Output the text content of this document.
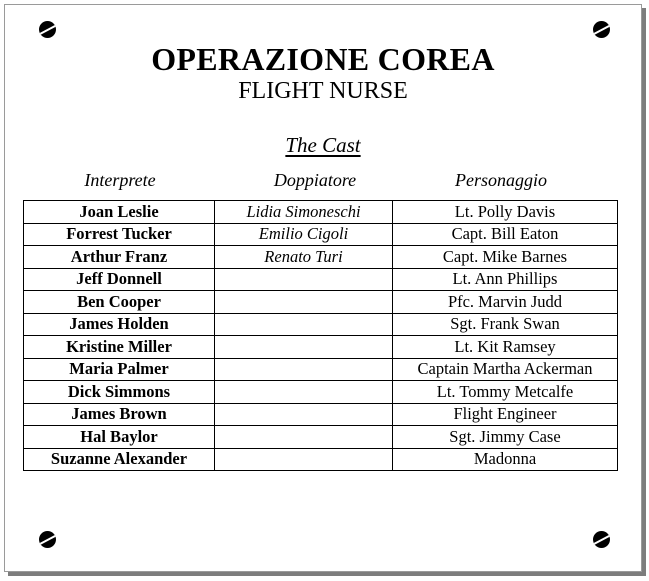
OPERAZIONE COREA
FLIGHT NURSE
The Cast
Interprete	Doppiatore	Personaggio
Joan Leslie	Lidia Simoneschi	Lt. Polly Davis
Forrest Tucker	Emilio Cigoli	Capt. Bill Eaton
Arthur Franz	Renato Turi	Capt. Mike Barnes
Jeff Donnell		Lt. Ann Phillips
Ben Cooper		Pfc. Marvin Judd
James Holden		Sgt. Frank Swan
Kristine Miller		Lt. Kit Ramsey
Maria Palmer		Captain Martha Ackerman
Dick Simmons		Lt. Tommy Metcalfe
James Brown		Flight Engineer
Hal Baylor		Sgt. Jimmy Case
Suzanne Alexander		Madonna
